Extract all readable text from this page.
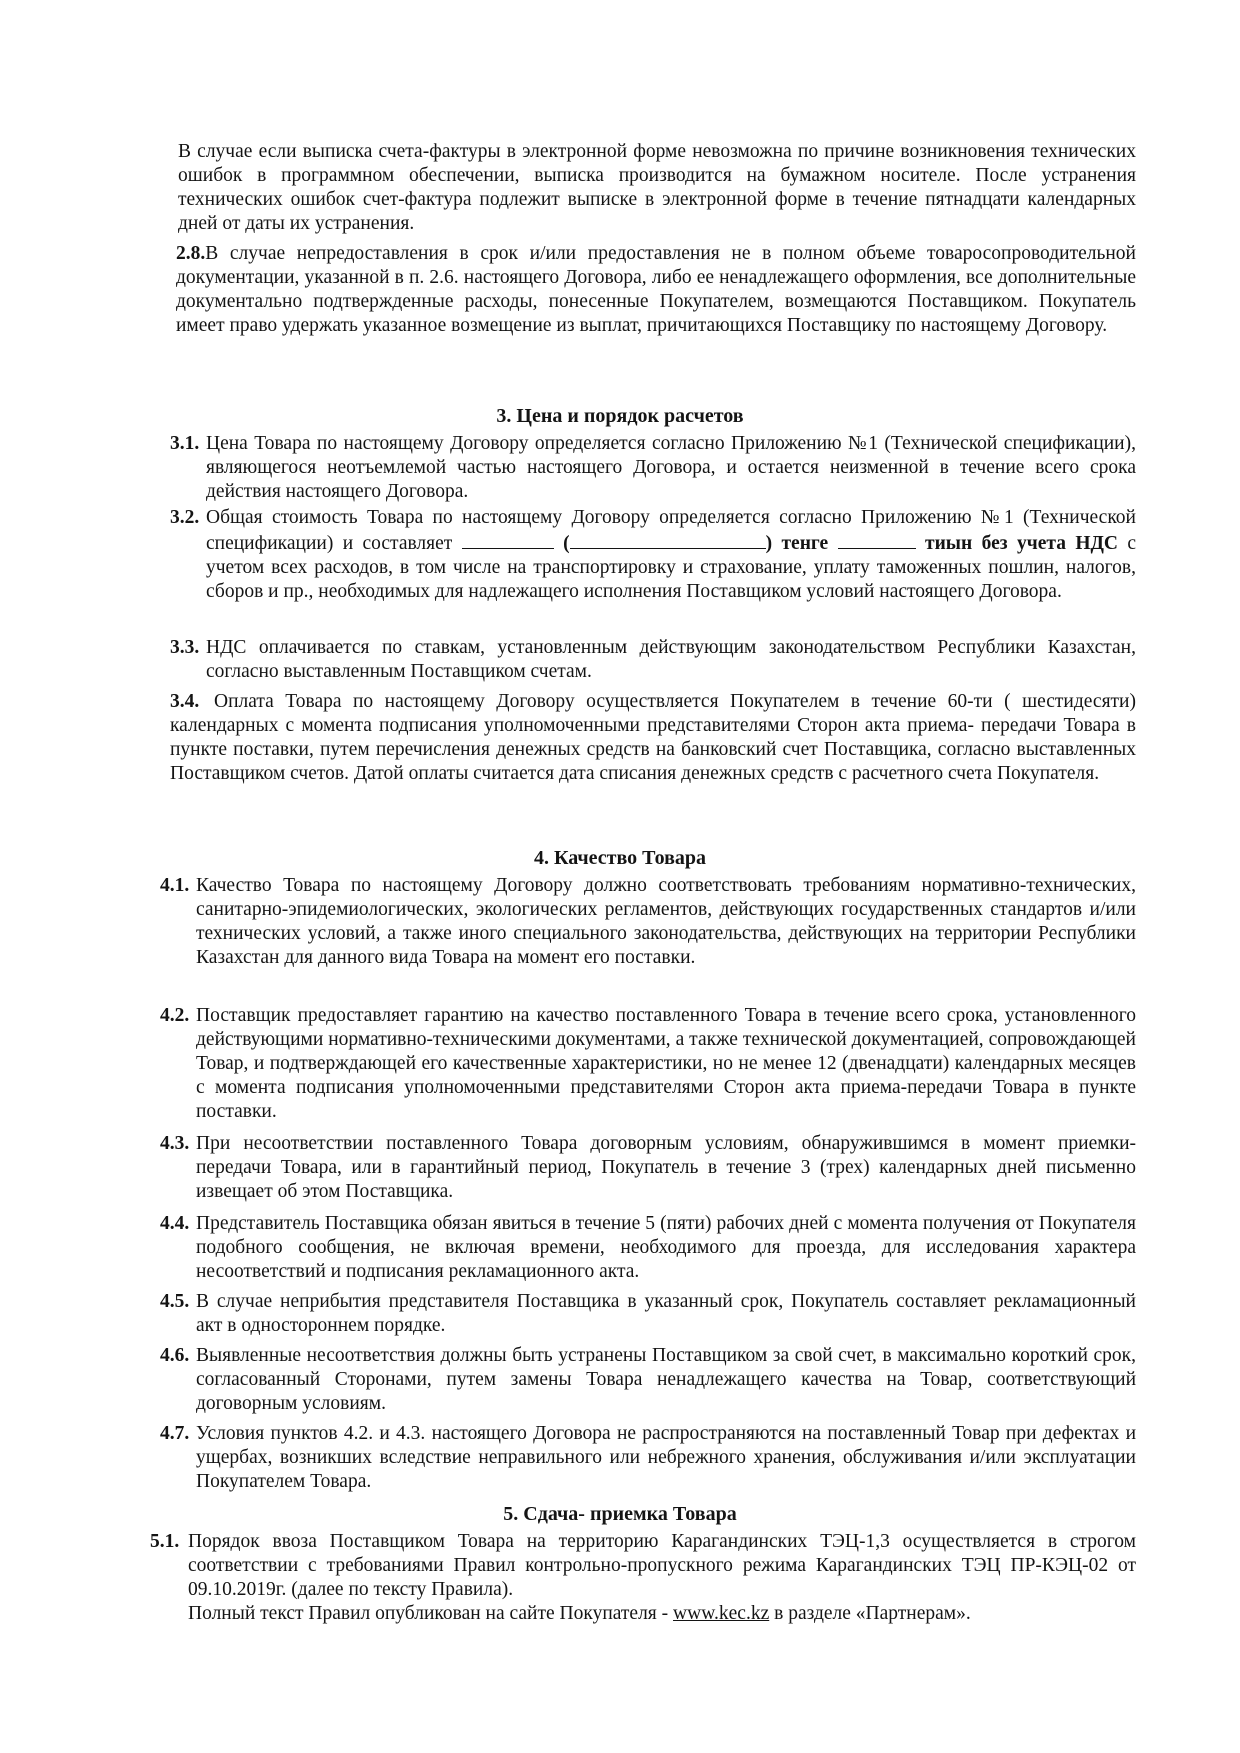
В случае если выписка счета-фактуры в электронной форме невозможна по причине возникновения технических ошибок в программном обеспечении, выписка производится на бумажном носителе. После устранения технических ошибок счет-фактура подлежит выписке в электронной форме в течение пятнадцати календарных дней от даты их устранения.
2.8.В случае непредоставления в срок и/или предоставления не в полном объеме товаросопроводительной документации, указанной в п. 2.6. настоящего Договора, либо ее ненадлежащего оформления, все дополнительные документально подтвержденные расходы, понесенные Покупателем, возмещаются Поставщиком. Покупатель имеет право удержать указанное возмещение из выплат, причитающихся Поставщику по настоящему Договору.
3. Цена и порядок расчетов
3.1. Цена Товара по настоящему Договору определяется согласно Приложению №1 (Технической спецификации), являющегося неотъемлемой частью настоящего Договора, и остается неизменной в течение всего срока действия настоящего Договора.
3.2. Общая стоимость Товара по настоящему Договору определяется согласно Приложению №1 (Технической спецификации) и составляет	(	) тенге	тиын без учета НДС с учетом всех расходов, в том числе на транспортировку и страхование, уплату таможенных пошлин, налогов, сборов и пр., необходимых для надлежащего исполнения Поставщиком условий настоящего Договора.
3.3. НДС оплачивается по ставкам, установленным действующим законодательством Республики Казахстан, согласно выставленным Поставщиком счетам.
3.4. Оплата Товара по настоящему Договору осуществляется Покупателем в течение 60-ти ( шестидесяти) календарных с момента подписания уполномоченными представителями Сторон акта приема- передачи Товара в пункте поставки, путем перечисления денежных средств на банковский счет Поставщика, согласно выставленных Поставщиком счетов. Датой оплаты считается дата списания денежных средств с расчетного счета Покупателя.
4. Качество Товара
4.1. Качество Товара по настоящему Договору должно соответствовать требованиям нормативно-технических, санитарно-эпидемиологических, экологических регламентов, действующих государственных стандартов и/или технических условий, а также иного специального законодательства, действующих на территории Республики Казахстан для данного вида Товара на момент его поставки.
4.2. Поставщик предоставляет гарантию на качество поставленного Товара в течение всего срока, установленного действующими нормативно-техническими документами, а также технической документацией, сопровождающей Товар, и подтверждающей его качественные характеристики, но не менее 12 (двенадцати) календарных месяцев с момента подписания уполномоченными представителями Сторон акта приема-передачи Товара в пункте поставки.
4.3. При несоответствии поставленного Товара договорным условиям, обнаружившимся в момент приемки-передачи Товара, или в гарантийный период, Покупатель в течение 3 (трех) календарных дней письменно извещает об этом Поставщика.
4.4. Представитель Поставщика обязан явиться в течение 5 (пяти) рабочих дней с момента получения от Покупателя подобного сообщения, не включая времени, необходимого для проезда, для исследования характера несоответствий и подписания рекламационного акта.
4.5. В случае неприбытия представителя Поставщика в указанный срок, Покупатель составляет рекламационный акт в одностороннем порядке.
4.6. Выявленные несоответствия должны быть устранены Поставщиком за свой счет, в максимально короткий срок, согласованный Сторонами, путем замены Товара ненадлежащего качества на Товар, соответствующий договорным условиям.
4.7. Условия пунктов 4.2. и 4.3. настоящего Договора не распространяются на поставленный Товар при дефектах и ущербах, возникших вследствие неправильного или небрежного хранения, обслуживания и/или эксплуатации Покупателем Товара.
5. Сдача- приемка Товара
5.1. Порядок ввоза Поставщиком Товара на территорию Карагандинских ТЭЦ-1,3 осуществляется в строгом соответствии с требованиями Правил контрольно-пропускного режима Карагандинских ТЭЦ ПР-КЭЦ-02 от 09.10.2019г. (далее по тексту Правила).
Полный текст Правил опубликован на сайте Покупателя - www.kec.kz в разделе «Партнерам».
